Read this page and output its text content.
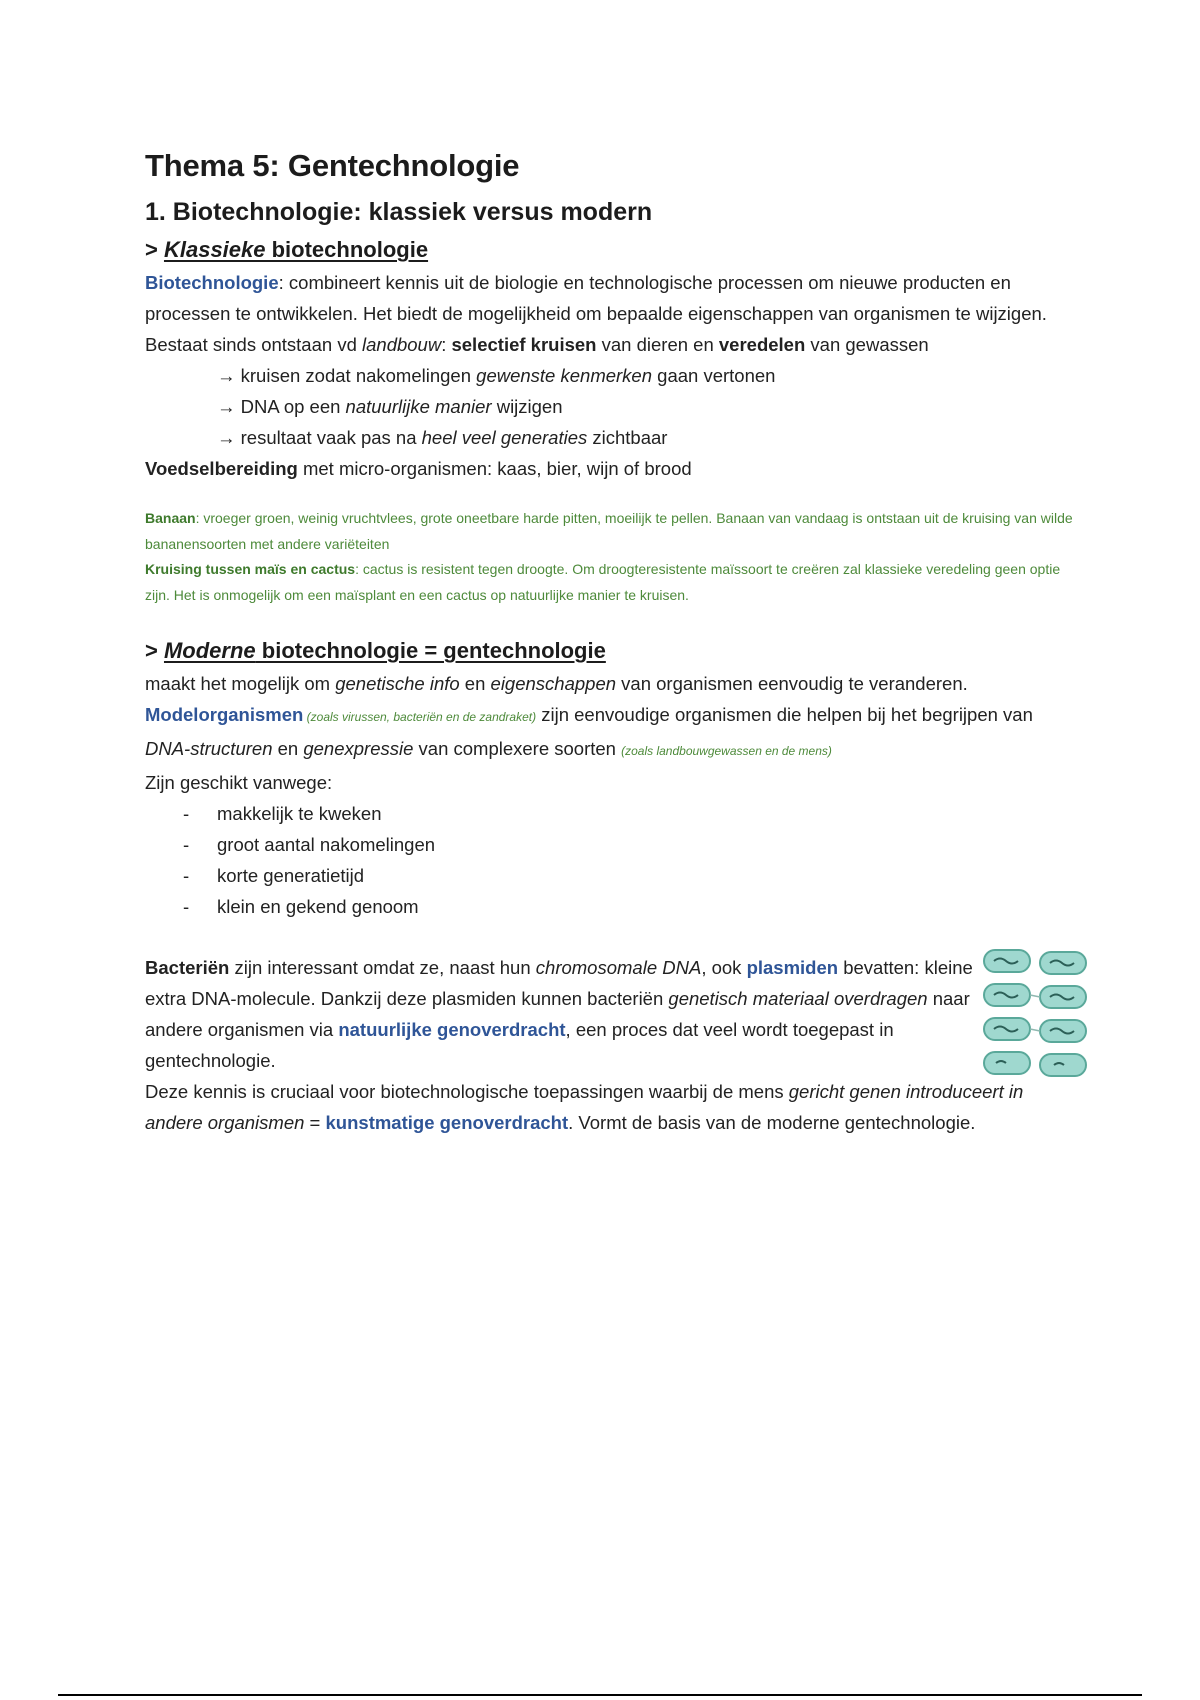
Thema 5: Gentechnologie
1. Biotechnologie: klassiek versus modern
> Klassieke biotechnologie

Biotechnologie: combineert kennis uit de biologie en technologische processen om nieuwe producten en processen te ontwikkelen. Het biedt de mogelijkheid om bepaalde eigenschappen van organismen te wijzigen.

Bestaat sinds ontstaan vd landbouw: selectief kruisen van dieren en veredelen van gewassen

→ kruisen zodat nakomelingen gewenste kenmerken gaan vertonen

→ DNA op een natuurlijke manier wijzigen

→ resultaat vaak pas na heel veel generaties zichtbaar

Voedselbereiding met micro-organismen: kaas, bier, wijn of brood

Banaan: vroeger groen, weinig vruchtvlees, grote oneetbare harde pitten, moeilijk te pellen. Banaan van vandaag is ontstaan uit de kruising van wilde bananensoorten met andere variëteiten

Kruising tussen maïs en cactus: cactus is resistent tegen droogte. Om droogteresistente maïssoort te creëren zal klassieke veredeling geen optie zijn. Het is onmogelijk om een maïsplant en een cactus op natuurlijke manier te kruisen.

> Moderne biotechnologie = gentechnologie

maakt het mogelijk om genetische info en eigenschappen van organismen eenvoudig te veranderen.

Modelorganismen (zoals virussen, bacteriën en de zandraket) zijn eenvoudige organismen die helpen bij het begrijpen van DNA-structuren en genexpressie van complexere soorten (zoals landbouwgewassen en de mens)

Zijn geschikt vanwege:

-	makkelijk te kweken
-	groot aantal nakomelingen
-	korte generatietijd
-	klein en gekend genoom

Bacteriën zijn interessant omdat ze, naast hun chromosomale DNA, ook plasmiden bevatten: kleine extra DNA-molecule. Dankzij deze plasmiden kunnen bacteriën genetisch materiaal overdragen naar andere organismen via natuurlijke genoverdracht, een proces dat veel wordt toegepast in gentechnologie.

Deze kennis is cruciaal voor biotechnologische toepassingen waarbij de mens gericht genen introduceert in andere organismen = kunstmatige genoverdracht. Vormt de basis van de moderne gentechnologie.
